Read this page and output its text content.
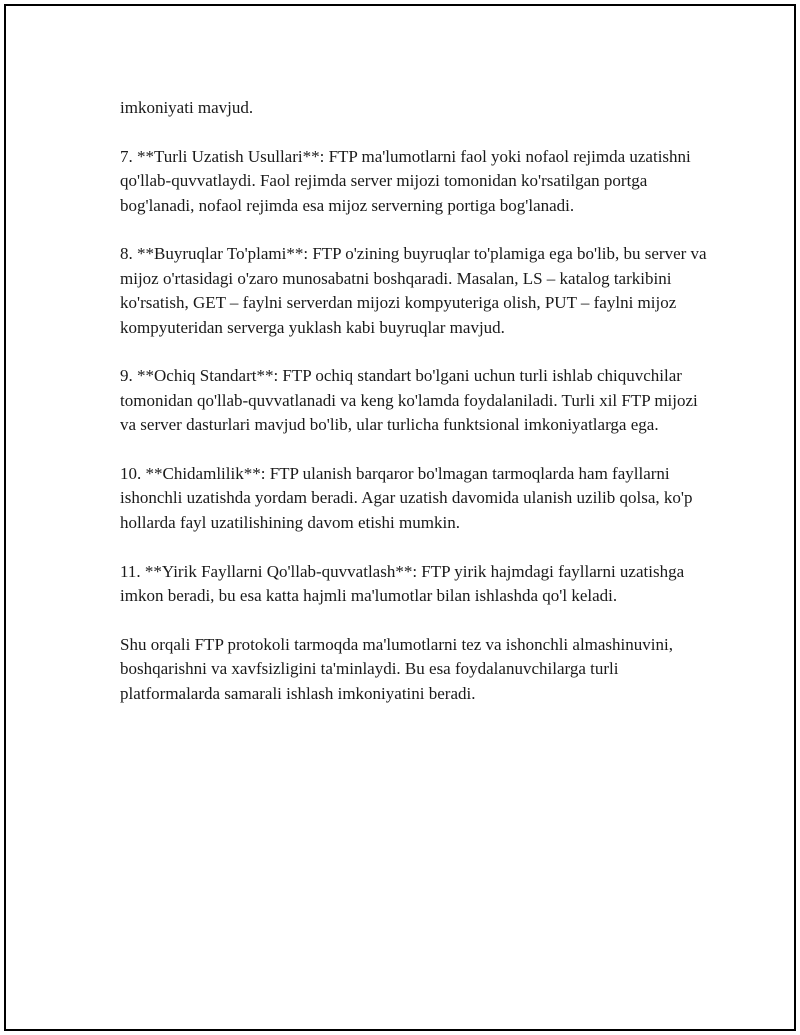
imkoniyati mavjud.

7. **Turli Uzatish Usullari**: FTP ma'lumotlarni faol yoki nofaol rejimda uzatishni qo'llab-quvvatlaydi. Faol rejimda server mijozi tomonidan ko'rsatilgan portga bog'lanadi, nofaol rejimda esa mijoz serverning portiga bog'lanadi.

8. **Buyruqlar To'plami**: FTP o'zining buyruqlar to'plamiga ega bo'lib, bu server va mijoz o'rtasidagi o'zaro munosabatni boshqaradi. Masalan, LS – katalog tarkibini ko'rsatish, GET – faylni serverdan mijozi kompyuteriga olish, PUT – faylni mijoz kompyuteridan serverga yuklash kabi buyruqlar mavjud.

9. **Ochiq Standart**: FTP ochiq standart bo'lgani uchun turli ishlab chiquvchilar tomonidan qo'llab-quvvatlanadi va keng ko'lamda foydalaniladi. Turli xil FTP mijozi va server dasturlari mavjud bo'lib, ular turlicha funktsional imkoniyatlarga ega.

10. **Chidamlilik**: FTP ulanish barqaror bo'lmagan tarmoqlarda ham fayllarni ishonchli uzatishda yordam beradi. Agar uzatish davomida ulanish uzilib qolsa, ko'p hollarda fayl uzatilishining davom etishi mumkin.

11. **Yirik Fayllarni Qo'llab-quvvatlash**: FTP yirik hajmdagi fayllarni uzatishga imkon beradi, bu esa katta hajmli ma'lumotlar bilan ishlashda qo'l keladi.

Shu orqali FTP protokoli tarmoqda ma'lumotlarni tez va ishonchli almashinuvini, boshqarishni va xavfsizligini ta'minlaydi. Bu esa foydalanuvchilarga turli platformalarda samarali ishlash imkoniyatini beradi.
